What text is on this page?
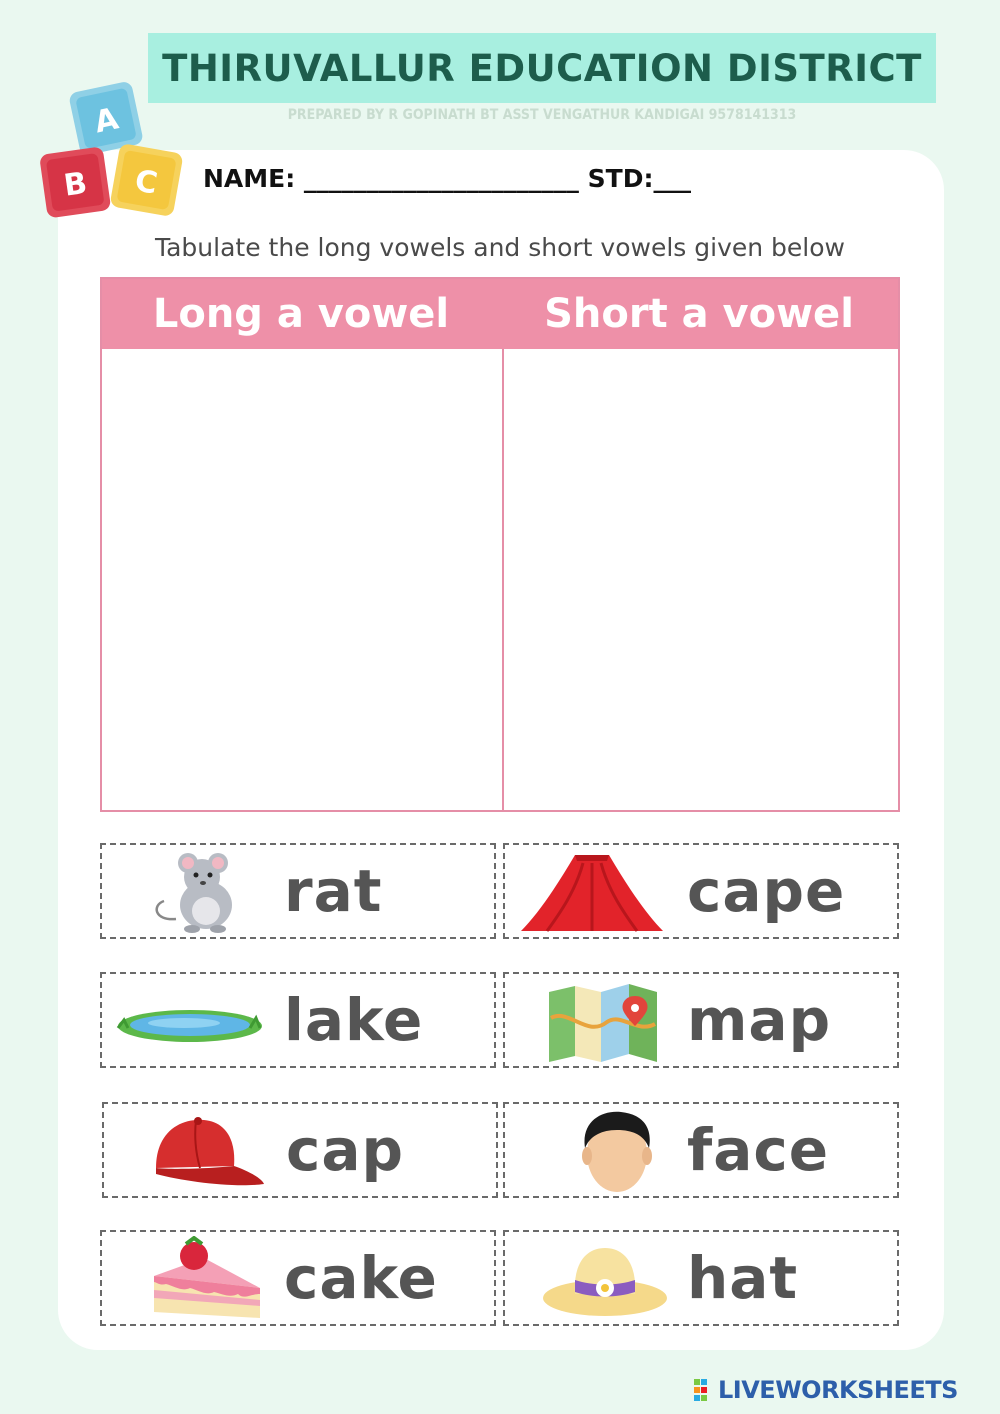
THIRUVALLUR EDUCATION DISTRICT
PREPARED BY R GOPINATH BT ASST VENGATHUR KANDIGAI 9578141313
A
B C NAME: ______________________ STD:___
Tabulate the long vowels and short vowels given below
Long a vowel	Short a vowel
rat	cape
lake	map
cap	face
cake	hat
LIVEWORKSHEETS
